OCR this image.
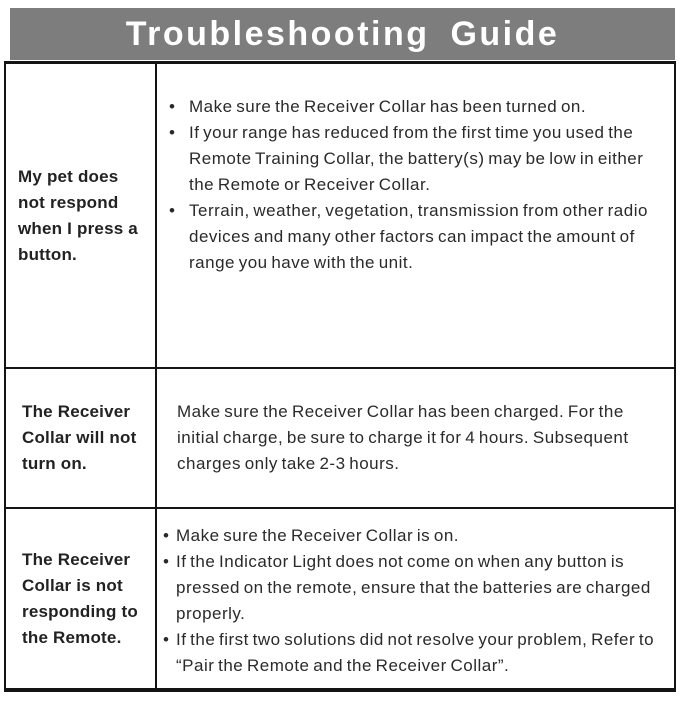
Troubleshooting Guide
My pet does not respond when I press a button.
• Make sure the Receiver Collar has been turned on.
• If your range has reduced from the first time you used the Remote Training Collar, the battery(s) may be low in either the Remote or Receiver Collar.
• Terrain, weather, vegetation, transmission from other radio devices and many other factors can impact the amount of range you have with the unit.
The Receiver Collar will not turn on.

Make sure the Receiver Collar has been charged. For the initial charge, be sure to charge it for 4 hours. Subsequent charges only take 2-3 hours.

The Receiver Collar is not responding to the Remote.
• Make sure the Receiver Collar is on.
• If the Indicator Light does not come on when any button is pressed on the remote, ensure that the batteries are charged properly.
• If the first two solutions did not resolve your problem, Refer to “Pair the Remote and the Receiver Collar”.
